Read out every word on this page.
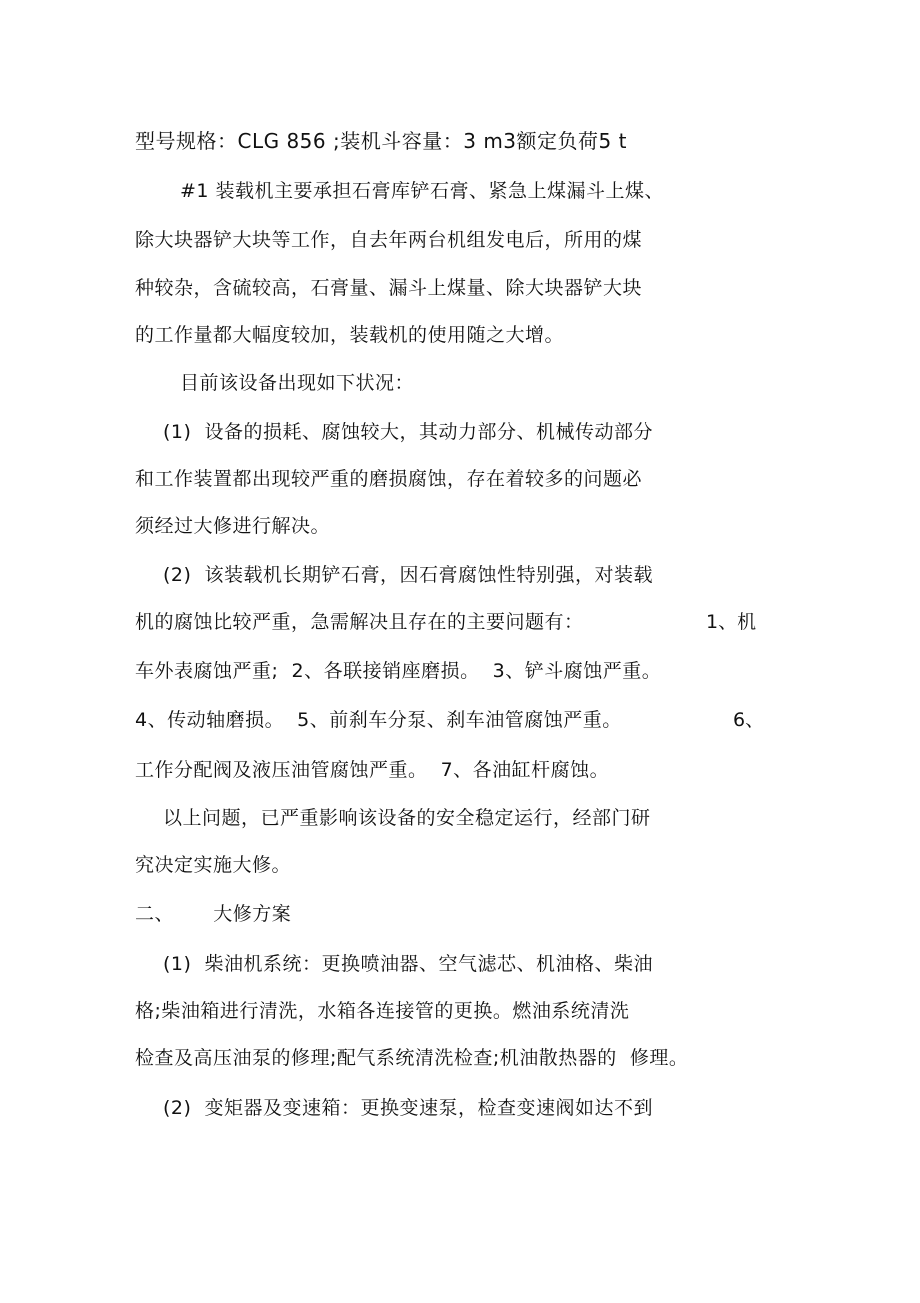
型号规格：CLG 856 ;装机斗容量：3 m3额定负荷5 t
#1 装载机主要承担石膏库铲石膏、紧急上煤漏斗上煤、
除大块器铲大块等工作，自去年两台机组发电后，所用的煤
种较杂，含硫较高，石膏量、漏斗上煤量、除大块器铲大块
的工作量都大幅度较加，装载机的使用随之大增。
目前该设备出现如下状况：
(1)  设备的损耗、腐蚀较大，其动力部分、机械传动部分
和工作装置都出现较严重的磨损腐蚀，存在着较多的问题必
须经过大修进行解决。
(2)  该装载机长期铲石膏，因石膏腐蚀性特别强，对装载
机的腐蚀比较严重，急需解决且存在的主要问题有：	1、机
车外表腐蚀严重;  2、各联接销座磨损。  3、铲斗腐蚀严重。
4、传动轴磨损。  5、前刹车分泵、刹车油管腐蚀严重。	6、
工作分配阀及液压油管腐蚀严重。  7、各油缸杆腐蚀。
以上问题，已严重影响该设备的安全稳定运行，经部门研
究决定实施大修。
二、      大修方案
(1)  柴油机系统：更换喷油器、空气滤芯、机油格、柴油
格;柴油箱进行清洗，水箱各连接管的更换。燃油系统清洗
检查及高压油泵的修理;配气系统清洗检查;机油散热器的  修理。
(2)  变矩器及变速箱：更换变速泵，检查变速阀如达不到
